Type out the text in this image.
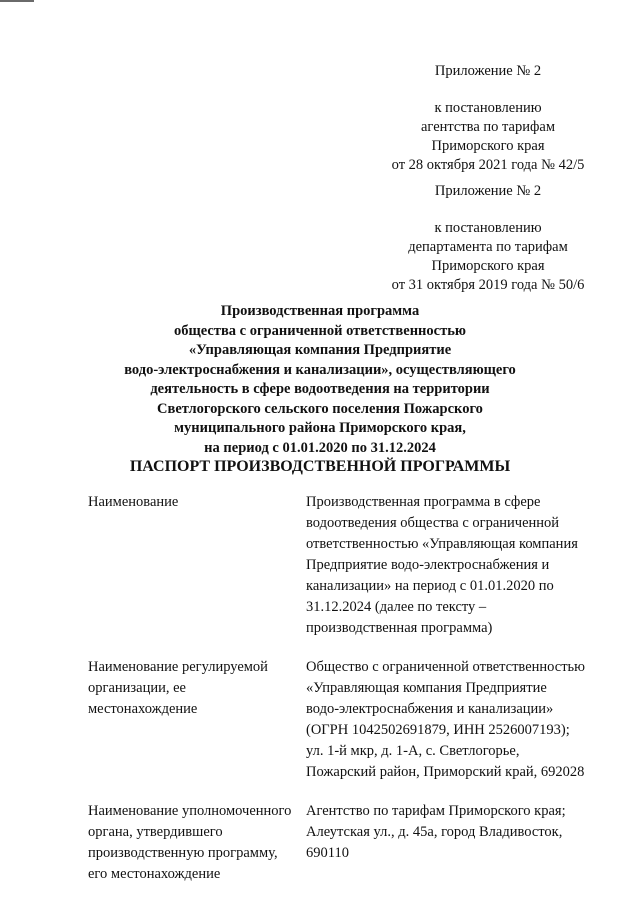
Приложение № 2
к постановлению
агентства по тарифам
Приморского края
от 28 октября 2021 года № 42/5
Приложение № 2
к постановлению
департамента по тарифам
Приморского края
от 31 октября 2019 года № 50/6
Производственная программа
общества с ограниченной ответственностью
«Управляющая компания Предприятие
водо-электроснабжения и канализации», осуществляющего
деятельность в сфере водоотведения на территории
Светлогорского сельского поселения Пожарского
муниципального района Приморского края,
на период с 01.01.2020 по 31.12.2024
ПАСПОРТ ПРОИЗВОДСТВЕННОЙ ПРОГРАММЫ
Наименование	Производственная программа в сфере
водоотведения общества с ограниченной
ответственностью «Управляющая компания
Предприятие водо-электроснабжения и
канализации» на период с 01.01.2020 по
31.12.2024 (далее по тексту –
производственная программа)
Наименование регулируемой
организации, ее
местонахождение
Общество с ограниченной ответственностью
«Управляющая компания Предприятие
водо-электроснабжения и канализации»
(ОГРН 1042502691879, ИНН 2526007193);
ул. 1-й мкр, д. 1-А, с. Светлогорье,
Пожарский район, Приморский край, 692028
Наименование уполномоченного
органа, утвердившего
производственную программу,
его местонахождение
Агентство по тарифам Приморского края;
Алеутская ул., д. 45а, город Владивосток,
690110
